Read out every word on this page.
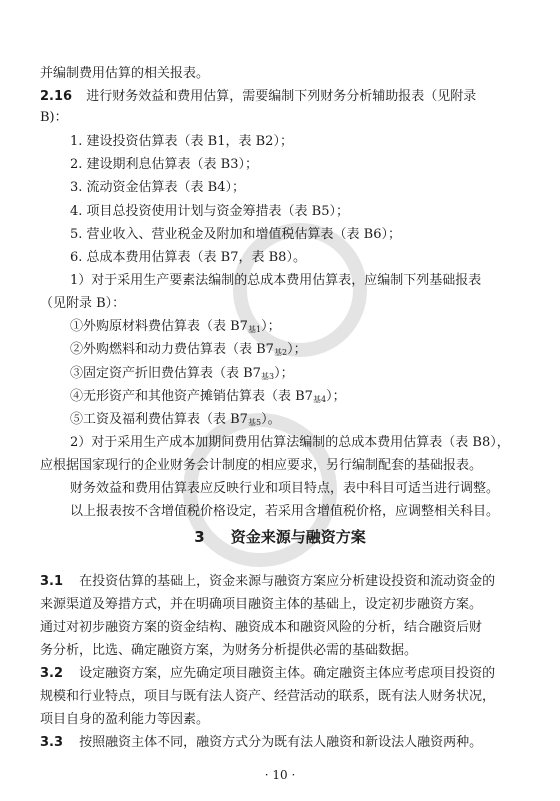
并编制费用估算的相关报表。
2.16 进行财务效益和费用估算，需要编制下列财务分析辅助报表（见附录
B)：
1. 建设投资估算表（表 B1，表 B2）；
2. 建设期利息估算表（表 B3）；
3. 流动资金估算表（表 B4）；
4. 项目总投资使用计划与资金筹措表（表 B5）；
5. 营业收入、营业税金及附加和增值税估算表（表 B6）；
6. 总成本费用估算表（表 B7，表 B8）。
1）对于采用生产要素法编制的总成本费用估算表，应编制下列基础报表
（见附录 B）：
①外购原材料费估算表（表 $B7_{基1}$）；
②外购燃料和动力费估算表（表 $B7_{基2}$）；
③固定资产折旧费估算表（表 $B7_{基3}$）；
④无形资产和其他资产摊销估算表（表 $B7_{基4}$）；
⑤工资及福利费估算表（表 $B7_{基5}$）。
2）对于采用生产成本加期间费用估算法编制的总成本费用估算表（表 B8），
应根据国家现行的企业财务会计制度的相应要求，另行编制配套的基础报表。
财务效益和费用估算表应反映行业和项目特点，表中科目可适当进行调整。
以上报表按不含增值税价格设定，若采用含增值税价格，应调整相关科目。
3 资金来源与融资方案
3.1 在投资估算的基础上，资金来源与融资方案应分析建设投资和流动资金的
来源渠道及筹措方式，并在明确项目融资主体的基础上，设定初步融资方案。
通过对初步融资方案的资金结构、融资成本和融资风险的分析，结合融资后财
务分析，比选、确定融资方案，为财务分析提供必需的基础数据。
3.2 设定融资方案，应先确定项目融资主体。确定融资主体应考虑项目投资的
规模和行业特点，项目与既有法人资产、经营活动的联系，既有法人财务状况，
项目自身的盈利能力等因素。
3.3 按照融资主体不同，融资方式分为既有法人融资和新设法人融资两种。
· 10 ·
